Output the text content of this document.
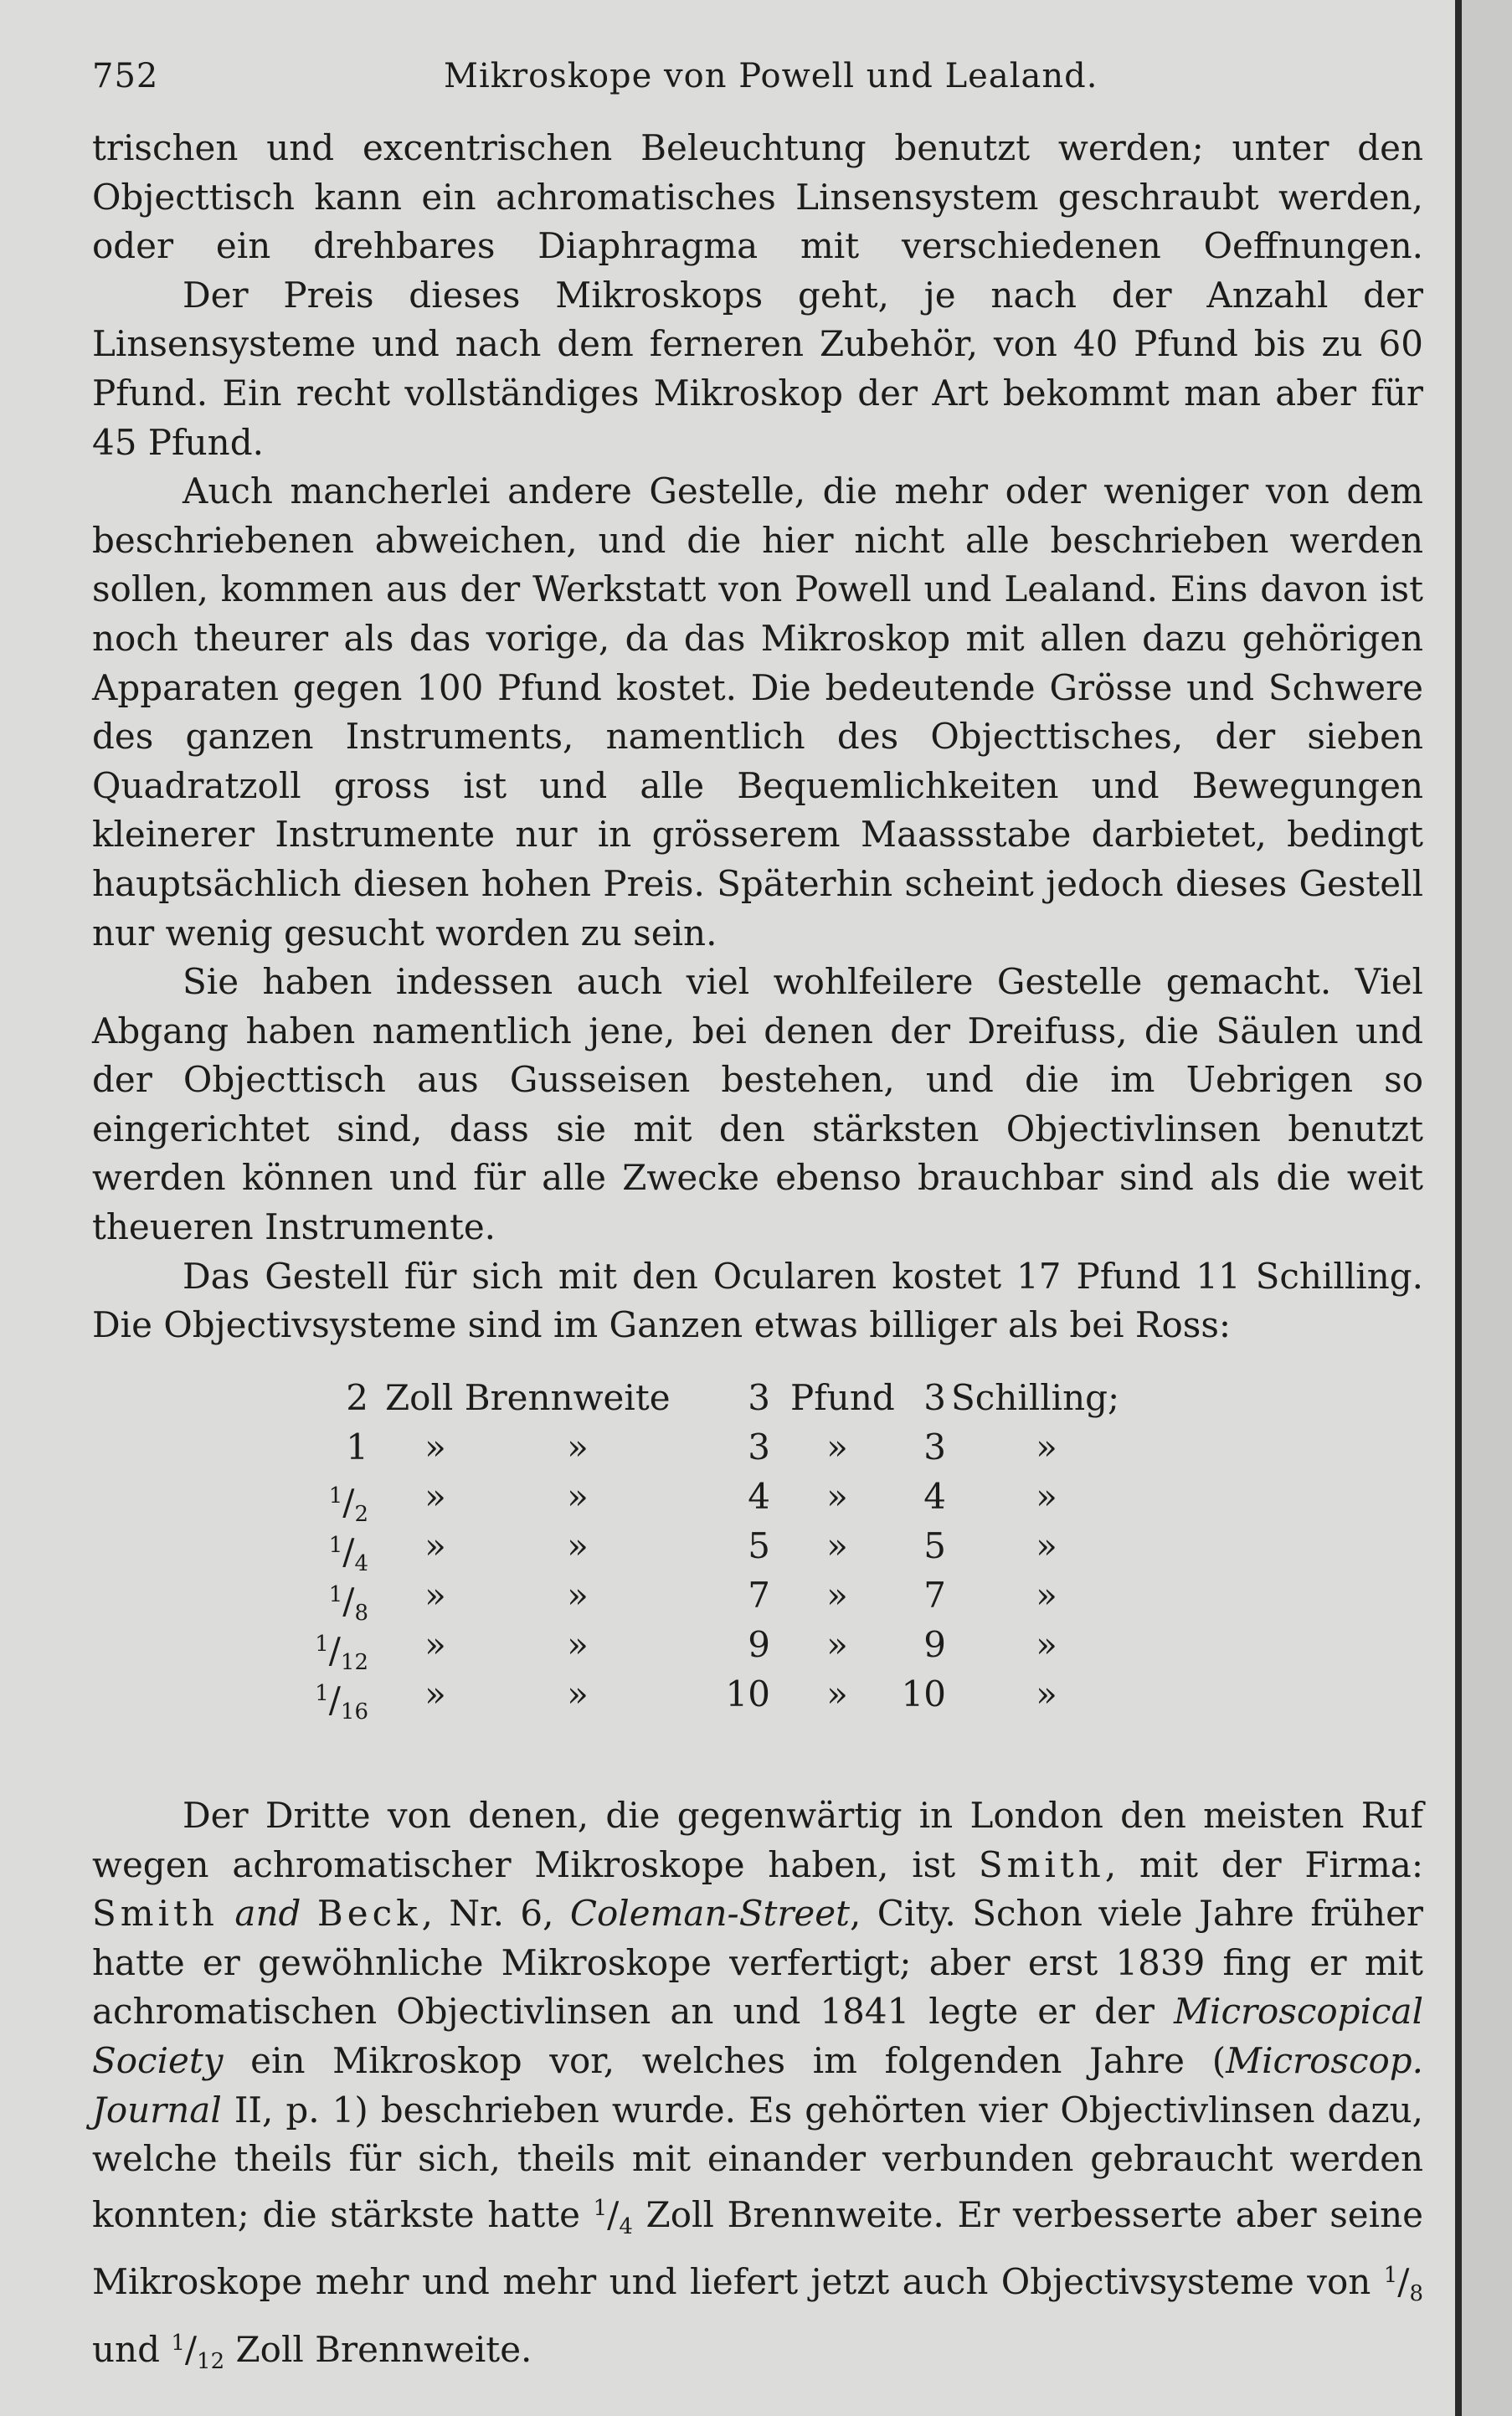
752	Mikroskope von Powell und Lealand.

trischen und excentrischen Beleuchtung benutzt werden; unter den Objecttisch kann ein achromatisches Linsensystem geschraubt werden, oder ein drehbares Diaphragma mit verschiedenen Oeffnungen.

Der Preis dieses Mikroskops geht, je nach der Anzahl der Linsensysteme und nach dem ferneren Zubehör, von 40 Pfund bis zu 60 Pfund. Ein recht vollständiges Mikroskop der Art bekommt man aber für 45 Pfund.

Auch mancherlei andere Gestelle, die mehr oder weniger von dem beschriebenen abweichen, und die hier nicht alle beschrieben werden sollen, kommen aus der Werkstatt von Powell und Lealand. Eins davon ist noch theurer als das vorige, da das Mikroskop mit allen dazu gehörigen Apparaten gegen 100 Pfund kostet. Die bedeutende Grösse und Schwere des ganzen Instruments, namentlich des Objecttisches, der sieben Quadratzoll gross ist und alle Bequemlichkeiten und Bewegungen kleinerer Instrumente nur in grösserem Maassstabe darbietet, bedingt hauptsächlich diesen hohen Preis. Späterhin scheint jedoch dieses Gestell nur wenig gesucht worden zu sein.

Sie haben indessen auch viel wohlfeilere Gestelle gemacht. Viel Abgang haben namentlich jene, bei denen der Dreifuss, die Säulen und der Objecttisch aus Gusseisen bestehen, und die im Uebrigen so eingerichtet sind, dass sie mit den stärksten Objectivlinsen benutzt werden können und für alle Zwecke ebenso brauchbar sind als die weit theueren Instrumente.

Das Gestell für sich mit den Ocularen kostet 17 Pfund 11 Schilling. Die Objectivsysteme sind im Ganzen etwas billiger als bei Ross:

2 Zoll Brennweite	3 Pfund 3 Schilling;
1 »	»	3 »	3	»
$^1/_2$ »	»	4 »	4	»
$^1/_4$ »	»	5 »	5	»
$^1/_8$ »	»	7 »	7	»
$^1/_{12}$ »	»	9 »	9	»
$^1/_{16}$ »	»	10 »	10	»

Der Dritte von denen, die gegenwärtig in London den meisten Ruf wegen achromatischer Mikroskope haben, ist Smith, mit der Firma: Smith and Beck, Nr. 6, Coleman-Street, City. Schon viele Jahre früher hatte er gewöhnliche Mikroskope verfertigt; aber erst 1839 fing er mit achromatischen Objectivlinsen an und 1841 legte er der Microscopical Society ein Mikroskop vor, welches im folgenden Jahre (Microscop. Journal II, p. 1) beschrieben wurde. Es gehörten vier Objectivlinsen dazu, welche theils für sich, theils mit einander verbunden gebraucht werden konnten; die stärkste hatte $^1/_4$ Zoll Brennweite. Er verbesserte aber seine Mikroskope mehr und mehr und liefert jetzt auch Objectivsysteme von $^1/_8$ und $^1/_{12}$ Zoll Brennweite.
